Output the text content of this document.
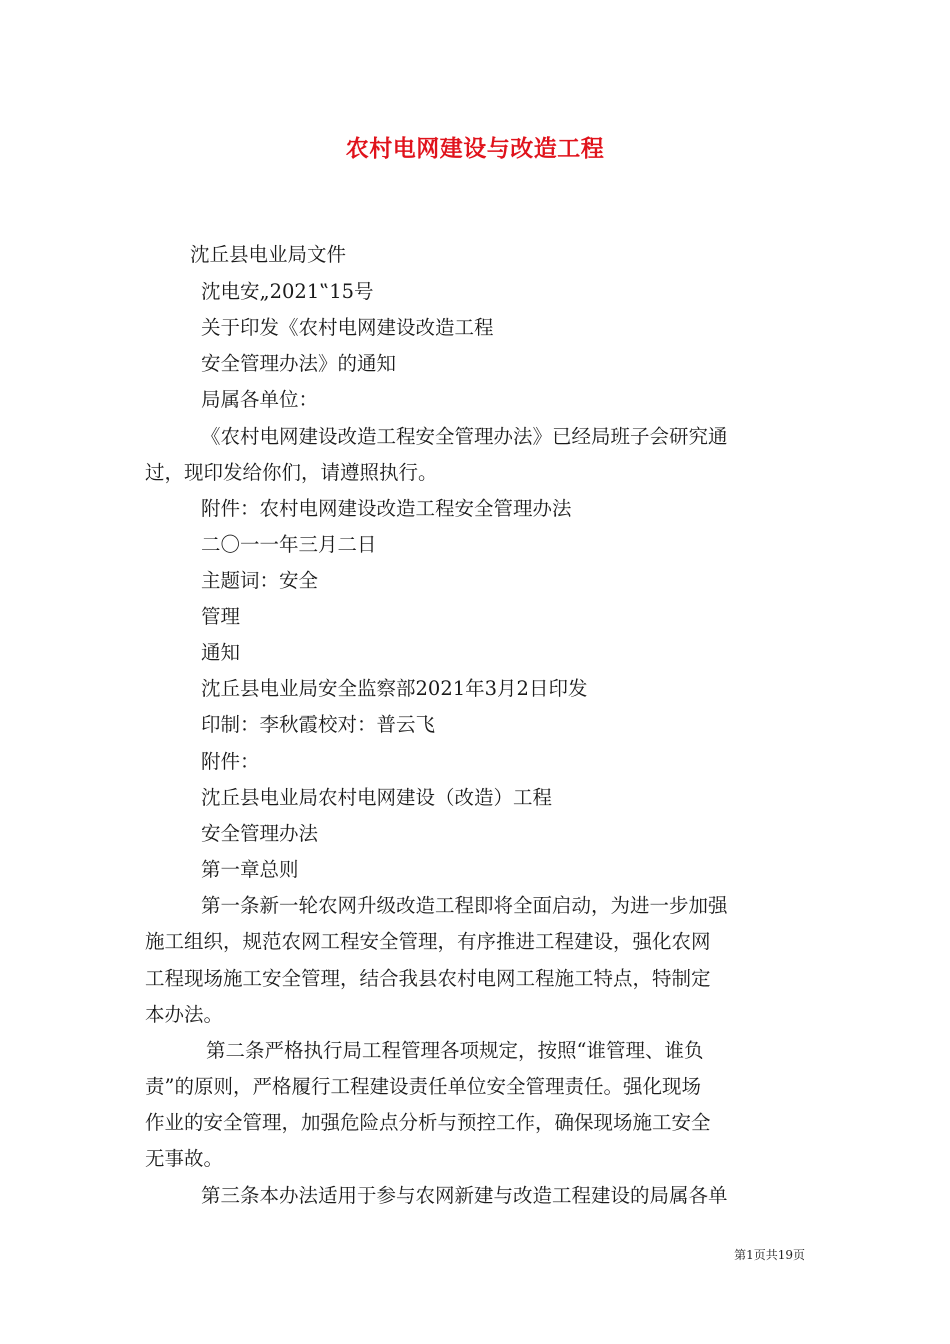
农村电网建设与改造工程
沈丘县电业局文件
沈电安„2021‟15号
关于印发《农村电网建设改造工程
安全管理办法》的通知
局属各单位：
《农村电网建设改造工程安全管理办法》已经局班子会研究通
过，现印发给你们，请遵照执行。
附件：农村电网建设改造工程安全管理办法
二〇一一年三月二日
主题词：安全
管理
通知
沈丘县电业局安全监察部2021年3月2日印发
印制：李秋霞校对：普云飞
附件：
沈丘县电业局农村电网建设（改造）工程
安全管理办法
第一章总则
第一条新一轮农网升级改造工程即将全面启动，为进一步加强
施工组织，规范农网工程安全管理，有序推进工程建设，强化农网
工程现场施工安全管理，结合我县农村电网工程施工特点，特制定
本办法。
第二条严格执行局工程管理各项规定，按照“谁管理、谁负
责”的原则，严格履行工程建设责任单位安全管理责任。强化现场
作业的安全管理，加强危险点分析与预控工作，确保现场施工安全
无事故。
第三条本办法适用于参与农网新建与改造工程建设的局属各单
第1页共19页
